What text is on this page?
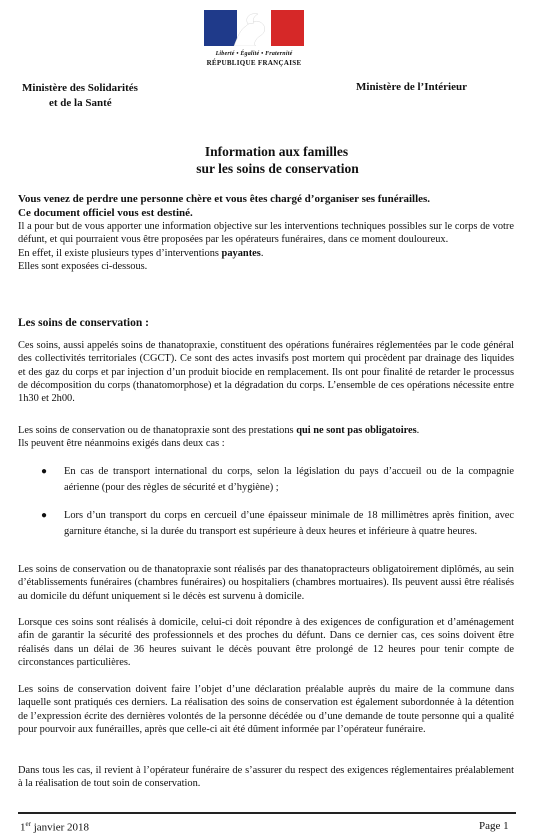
Liberté • Égalité • Fraternité
RÉPUBLIQUE FRANÇAISE
Ministère des Solidarités
et de la Santé
Ministère de l’Intérieur
Information aux familles
sur les soins de conservation

Vous venez de perdre une personne chère et vous êtes chargé d’organiser ses funérailles.

Ce document officiel vous est destiné.

Il a pour but de vous apporter une information objective sur les interventions techniques possibles sur le corps de votre défunt, et qui pourraient vous être proposées par les opérateurs funéraires, dans ce moment douloureux.

En effet, il existe plusieurs types d’interventions payantes.

Elles sont exposées ci-dessous.

Les soins de conservation :
Ces soins, aussi appelés soins de thanatopraxie, constituent des opérations funéraires réglementées par le code général des collectivités territoriales (CGCT). Ce sont des actes invasifs post mortem qui procèdent par drainage des liquides et des gaz du corps et par injection d’un produit biocide en remplacement. Ils ont pour finalité de retarder le processus de décomposition du corps (thanatomorphose) et la dégradation du corps. L’ensemble de ces opérations nécessite entre 1h30 et 2h00.

Les soins de conservation ou de thanatopraxie sont des prestations qui ne sont pas obligatoires.

Ils peuvent être néanmoins exigés dans deux cas :

● En cas de transport international du corps, selon la législation du pays d’accueil ou de la compagnie aérienne (pour des règles de sécurité et d’hygiène) ;
● Lors d’un transport du corps en cercueil d’une épaisseur minimale de 18 millimètres après finition, avec garniture étanche, si la durée du transport est supérieure à deux heures et inférieure à quatre heures.
Les soins de conservation ou de thanatopraxie sont réalisés par des thanatopracteurs obligatoirement diplômés, au sein d’établissements funéraires (chambres funéraires) ou hospitaliers (chambres mortuaires). Ils peuvent aussi être réalisés au domicile du défunt uniquement si le décès est survenu à domicile.
Lorsque ces soins sont réalisés à domicile, celui-ci doit répondre à des exigences de configuration et d’aménagement afin de garantir la sécurité des professionnels et des proches du défunt. Dans ce dernier cas, ces soins doivent être réalisés dans un délai de 36 heures suivant le décès pouvant être prolongé de 12 heures pour tenir compte de circonstances particulières.
Les soins de conservation doivent faire l’objet d’une déclaration préalable auprès du maire de la commune dans laquelle sont pratiqués ces derniers. La réalisation des soins de conservation est également subordonnée à la détention de l’expression écrite des dernières volontés de la personne décédée ou d’une demande de toute personne qui a qualité pour pourvoir aux funérailles, après que celle-ci ait été dûment informée par l’opérateur funéraire.
Dans tous les cas, il revient à l’opérateur funéraire de s’assurer du respect des exigences réglementaires préalablement à la réalisation de tout soin de conservation.
1er janvier 2018	Page 1
